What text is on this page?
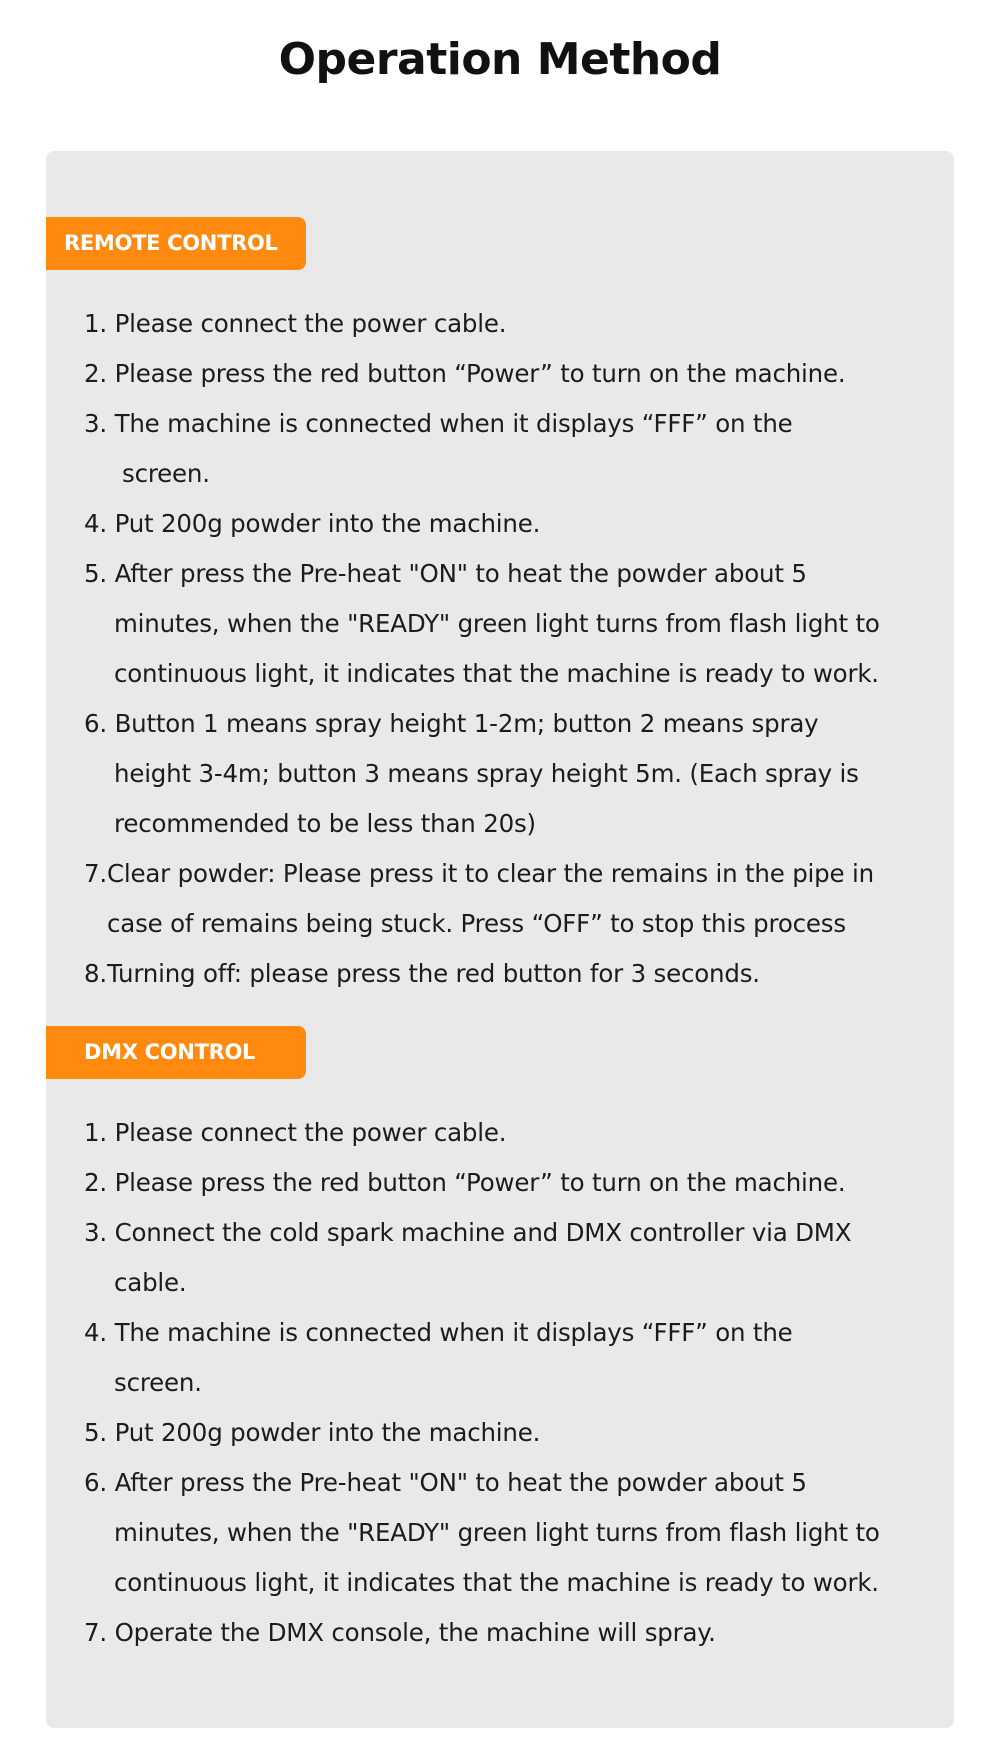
Operation Method
REMOTE CONTROL
1. Please connect the power cable.
2. Please press the red button “Power” to turn on the machine.
3. The machine is connected when it displays “FFF” on the
screen.
4. Put 200g powder into the machine.
5. After press the Pre-heat "ON" to heat the powder about 5
minutes, when the "READY" green light turns from flash light to
continuous light, it indicates that the machine is ready to work.
6. Button 1 means spray height 1-2m; button 2 means spray
height 3-4m; button 3 means spray height 5m. (Each spray is
recommended to be less than 20s)
7.Clear powder: Please press it to clear the remains in the pipe in
case of remains being stuck. Press “OFF” to stop this process
8.Turning off: please press the red button for 3 seconds.
DMX CONTROL
1. Please connect the power cable.
2. Please press the red button “Power” to turn on the machine.
3. Connect the cold spark machine and DMX controller via DMX
cable.
4. The machine is connected when it displays “FFF” on the
screen.
5. Put 200g powder into the machine.
6. After press the Pre-heat "ON" to heat the powder about 5
minutes, when the "READY" green light turns from flash light to
continuous light, it indicates that the machine is ready to work.
7. Operate the DMX console, the machine will spray.
